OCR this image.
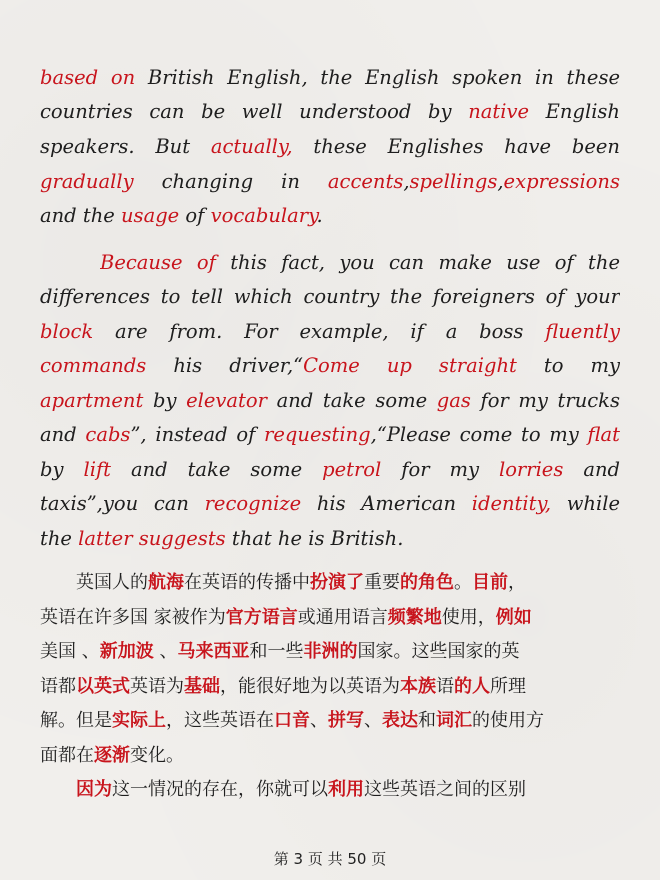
based on British English, the English spoken in these
countries can be well understood by native English
speakers. But actually, these Englishes have been
gradually changing in accents,spellings,expressions
and the usage of vocabulary.
Because of this fact, you can make use of the
differences to tell which country the foreigners of your
block are from. For example, if a boss fluently
commands his driver,“Come up straight to my
apartment by elevator and take some gas for my trucks
and cabs”, instead of requesting,“Please come to my flat
by lift and take some petrol for my lorries and
taxis”,you can recognize his American identity, while
the latter suggests that he is British.
　　英国人的航海在英语的传播中扮演了重要的角色。目前，
英语在许多国 家被作为官方语言或通用语言频繁地使用，例如
美国 、新加波 、马来西亚和一些非洲的国家。这些国家的英
语都以英式英语为基础，能很好地为以英语为本族语的人所理
解。但是实际上，这些英语在口音、拼写、表达和词汇的使用方
面都在逐渐变化。
　　因为这一情况的存在，你就可以利用这些英语之间的区别
第 3 页 共 50 页
